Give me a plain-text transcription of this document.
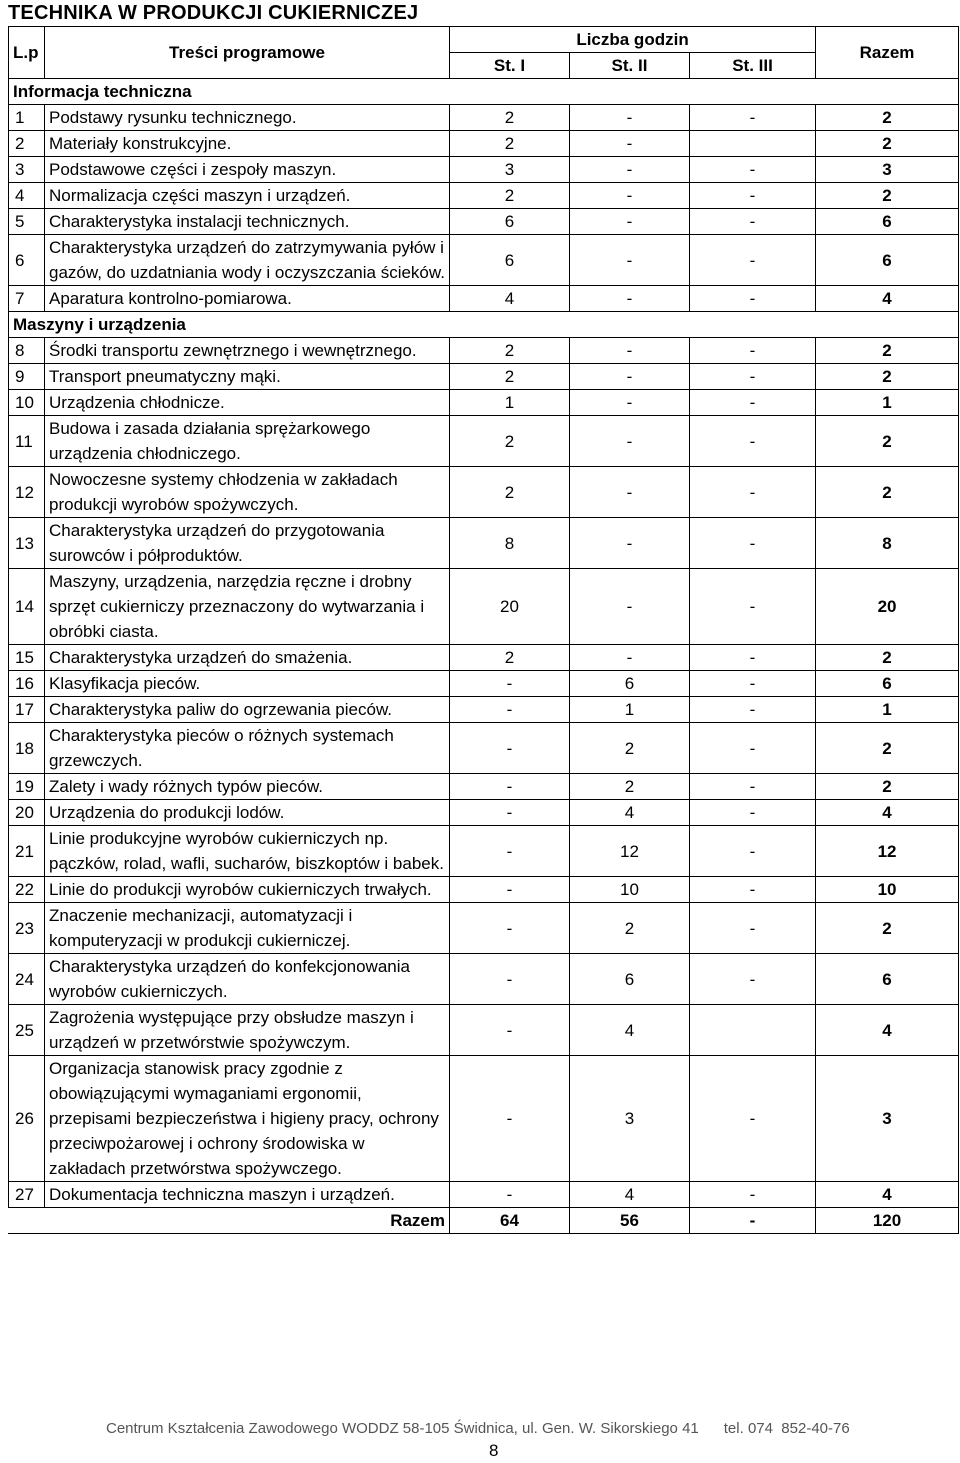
TECHNIKA W PRODUKCJI CUKIERNICZEJ
L.p	Treści programowe	Liczba godzin			Razem
		St. I	St. II	St. III	
Informacja techniczna					
1	Podstawy rysunku technicznego.	2	-	-	2
2	Materiały konstrukcyjne.	2	-		2
3	Podstawowe części i zespoły maszyn.	3	-	-	3
4	Normalizacja części maszyn i urządzeń.	2	-	-	2
5	Charakterystyka instalacji technicznych.	6	-	-	6
6	Charakterystyka urządzeń do zatrzymywania pyłów i gazów, do uzdatniania wody i oczyszczania ścieków.	6	-	-	6
7	Aparatura kontrolno-pomiarowa.	4	-	-	4
Maszyny i urządzenia					
8	Środki transportu zewnętrznego i wewnętrznego.	2	-	-	2
9	Transport pneumatyczny mąki.	2	-	-	2
10	Urządzenia chłodnicze.	1	-	-	1
11	Budowa i zasada działania sprężarkowego urządzenia chłodniczego.	2	-	-	2
12	Nowoczesne systemy chłodzenia w zakładach produkcji wyrobów spożywczych.	2	-	-	2
13	Charakterystyka urządzeń do przygotowania surowców i półproduktów.	8	-	-	8
14	Maszyny, urządzenia, narzędzia ręczne i drobny sprzęt cukierniczy przeznaczony do wytwarzania i obróbki ciasta.	20	-	-	20
15	Charakterystyka urządzeń do smażenia.	2	-	-	2
16	Klasyfikacja pieców.	-	6	-	6
17	Charakterystyka paliw do ogrzewania pieców.	-	1	-	1
18	Charakterystyka pieców o różnych systemach grzewczych.	-	2	-	2
19	Zalety i wady różnych typów pieców.	-	2	-	2
20	Urządzenia do produkcji lodów.	-	4	-	4
21	Linie produkcyjne wyrobów cukierniczych np. pączków, rolad, wafli, sucharów, biszkoptów i babek.	-	12	-	12
22	Linie do produkcji wyrobów cukierniczych trwałych.	-	10	-	10
23	Znaczenie mechanizacji, automatyzacji i komputeryzacji w produkcji cukierniczej.	-	2	-	2
24	Charakterystyka urządzeń do konfekcjonowania wyrobów cukierniczych.	-	6	-	6
25	Zagrożenia występujące przy obsłudze maszyn i urządzeń w przetwórstwie spożywczym.	-	4		4
26	Organizacja stanowisk pracy zgodnie z obowiązującymi wymaganiami ergonomii, przepisami bezpieczeństwa i higieny pracy, ochrony przeciwpożarowej i ochrony środowiska w zakładach przetwórstwa spożywczego.	-	3	-	3
27	Dokumentacja techniczna maszyn i urządzeń.	-	4	-	4

Razem		64	56	-	120
Centrum Kształcenia Zawodowego WODDZ 58-105 Świdnica, ul. Gen. W. Sikorskiego 41      tel. 074  852-40-76
8
